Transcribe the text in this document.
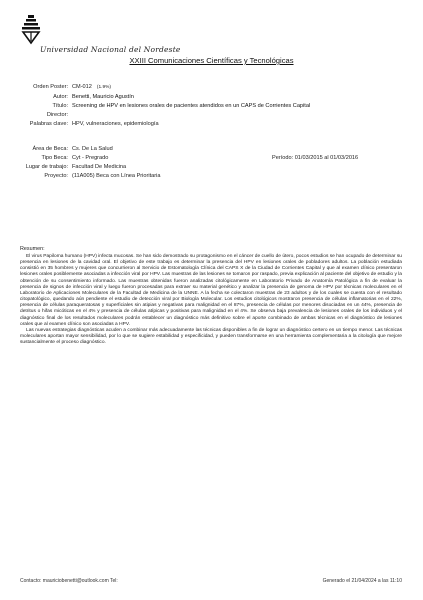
Universidad Nacional del Nordeste
XXIII Comunicaciones Científicas y Tecnológicas
Orden Poster: CM-012 (1.9%)
Autor: Benetti, Mauricio Agustín
Título: Screening de HPV en lesiones orales de pacientes atendidos en un CAPS de Corrientes Capital
Director:
Palabras clave: HPV, vulneraciones, epidemiología
Área de Beca: Cs. De La Salud
Tipo Beca: Cyt - Pregrado	Período: 01/03/2015 al 01/03/2016
Lugar de trabajo: Facultad De Medicina
Proyecto: (11A005) Beca con Línea Prioritaria
Resumen:

El virus Papiloma humano (HPV) infecta mucosas. Se han sido demostrado su protagonismo en el cáncer de cuello de útero, pocos estudios se han ocupado de determinar su presencia en lesiones de la cavidad oral. El objetivo de este trabajo es determinar la presencia del HPV en lesiones orales de pobladores adultos. La población estudiada consistió en 35 hombres y mujeres que concurrieron al Servicio de Estomatología Clínica del CAPS X de la Ciudad de Corrientes Capital y que al examen clínico presentaron lesiones orales posiblemente asociadas a infección viral por HPV. Las muestras de las lesiones se tomaron por raspado, previa explicación al paciente del objetivo de estudio y la obtención de su consentimiento informado. Las muestras obtenidas fueron analizadas citológicamente en Laboratorio Privado de Anatomía Patológica a fin de evaluar la presencia de signos de infección viral y luego fueron procesadas para extraer su material genético y analizar la presencia de genoma de HPV por técnicas moleculares en el Laboratorio de Aplicaciones Moleculares de la Facultad de Medicina de la UNNE. A la fecha se colectaron muestras de 23 adultos y de los cuales se cuenta con el resultado citopatológico, quedando aún pendiente el estudio de detección viral por Biología Molecular. Los estudios citológicos mostraron presencia de células inflamatorias en el 22%, presencia de células paraqueratosas y superficiales sin atipias y negativas para malignidad en el 87%, presencia de células por menores disociadas en un 44%, presencia de detritus o hifas micóticas en el 4% y presencia de células atípicas y positivas para malignidad en el 4%. Se observa baja prevalencia de lesiones orales de los individuos y el diagnóstico final de los resultados moleculares podrán establecer un diagnóstico más definitivo sobre el aporte combinado de ambas técnicas en el diagnóstico de lesiones orales que al examen clínico son asociadas a HPV.

Las nuevas estrategias diagnósticas acuden a combinar más adecuadamente las técnicas disponibles a fin de lograr un diagnóstico certero en un tiempo menor. Las técnicas moleculares aportan mayor sensibilidad, por lo que se sugiere estabilidad y especificidad, y pueden transformarse en una herramienta complementaria a la citología que mejore sustancialmente el proceso diagnóstico.

Contacto: mauriciobenetti@outlook.com Tel:	Generado el 21/04/2024 a las 11:10
